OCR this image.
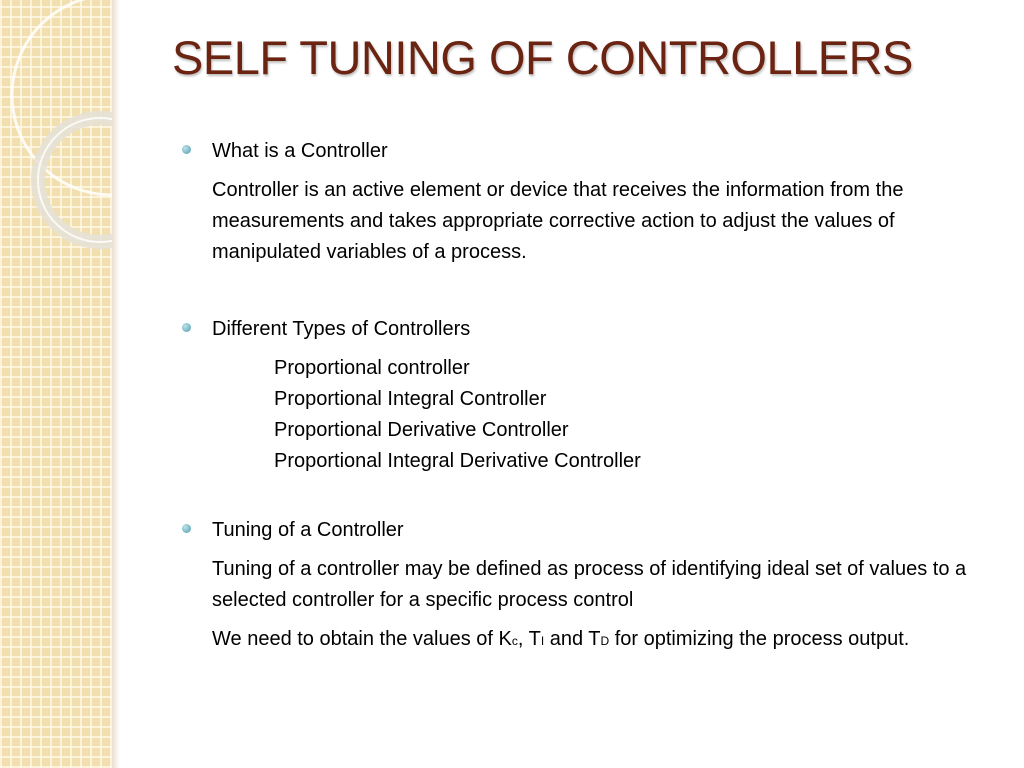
SELF TUNING OF CONTROLLERS

What is a Controller

Controller is an active element or device that receives the information from the measurements and takes appropriate corrective action to adjust the values of manipulated variables of a process.

Different Types of Controllers

Proportional controller
Proportional Integral Controller
Proportional Derivative Controller
Proportional Integral Derivative Controller

Tuning of a Controller

Tuning of a controller may be defined as process of identifying ideal set of values to a selected controller for a specific process control

We need to obtain the values of Kc, TI and TD for optimizing the process output.
